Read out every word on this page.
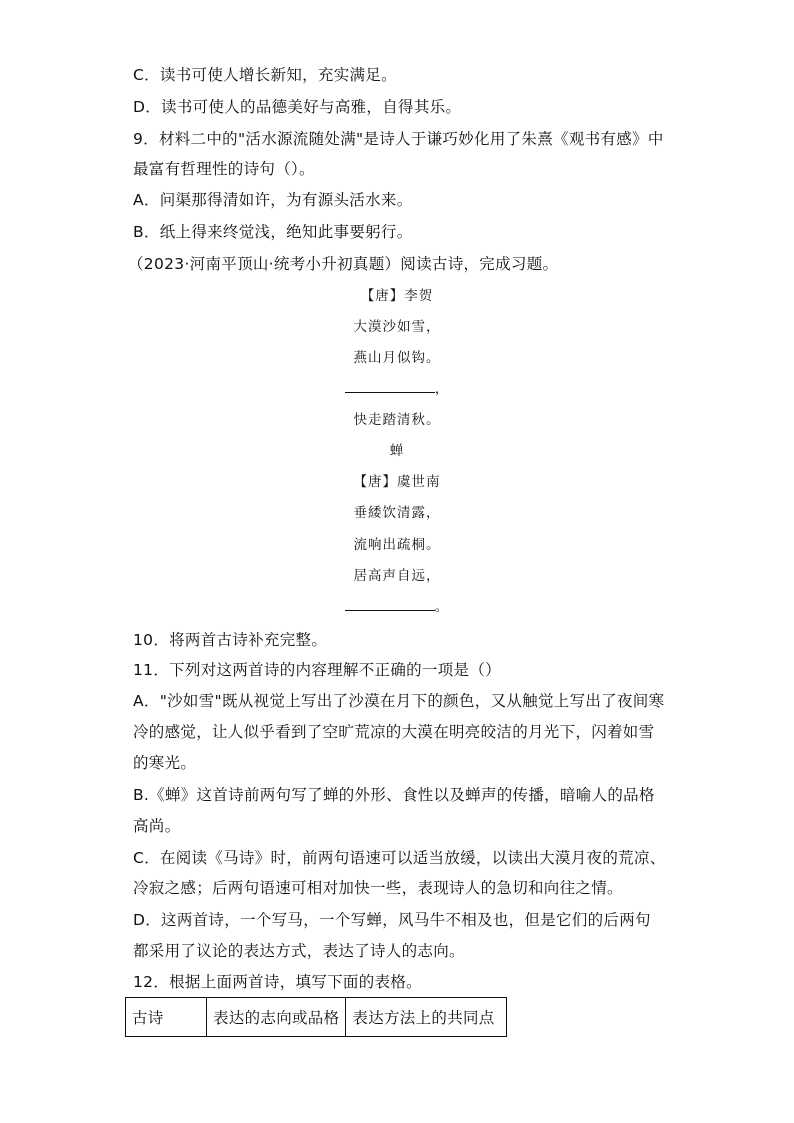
C．读书可使人增长新知，充实满足。
D．读书可使人的品德美好与高雅，自得其乐。
9．材料二中的"活水源流随处满"是诗人于谦巧妙化用了朱熹《观书有感》中
最富有哲理性的诗句（）。
A．问渠那得清如许，为有源头活水来。
B．纸上得来终觉浅，绝知此事要躬行。
（2023·河南平顶山·统考小升初真题）阅读古诗，完成习题。
【唐】李贺
大漠沙如雪，
燕山月似钩。
，
快走踏清秋。
蝉
【唐】虞世南
垂緌饮清露，
流响出疏桐。
居高声自远，
。
10．将两首古诗补充完整。
11．下列对这两首诗的内容理解不正确的一项是（）
A．"沙如雪"既从视觉上写出了沙漠在月下的颜色，又从触觉上写出了夜间寒
冷的感觉，让人似乎看到了空旷荒凉的大漠在明亮皎洁的月光下，闪着如雪
的寒光。
B.《蝉》这首诗前两句写了蝉的外形、食性以及蝉声的传播，暗喻人的品格
高尚。
C．在阅读《马诗》时，前两句语速可以适当放缓，以读出大漠月夜的荒凉、
冷寂之感；后两句语速可相对加快一些，表现诗人的急切和向往之情。
D．这两首诗，一个写马，一个写蝉，风马牛不相及也，但是它们的后两句
都采用了议论的表达方式，表达了诗人的志向。
12．根据上面两首诗，填写下面的表格。
古诗	表达的志向或品格	表达方法上的共同点
